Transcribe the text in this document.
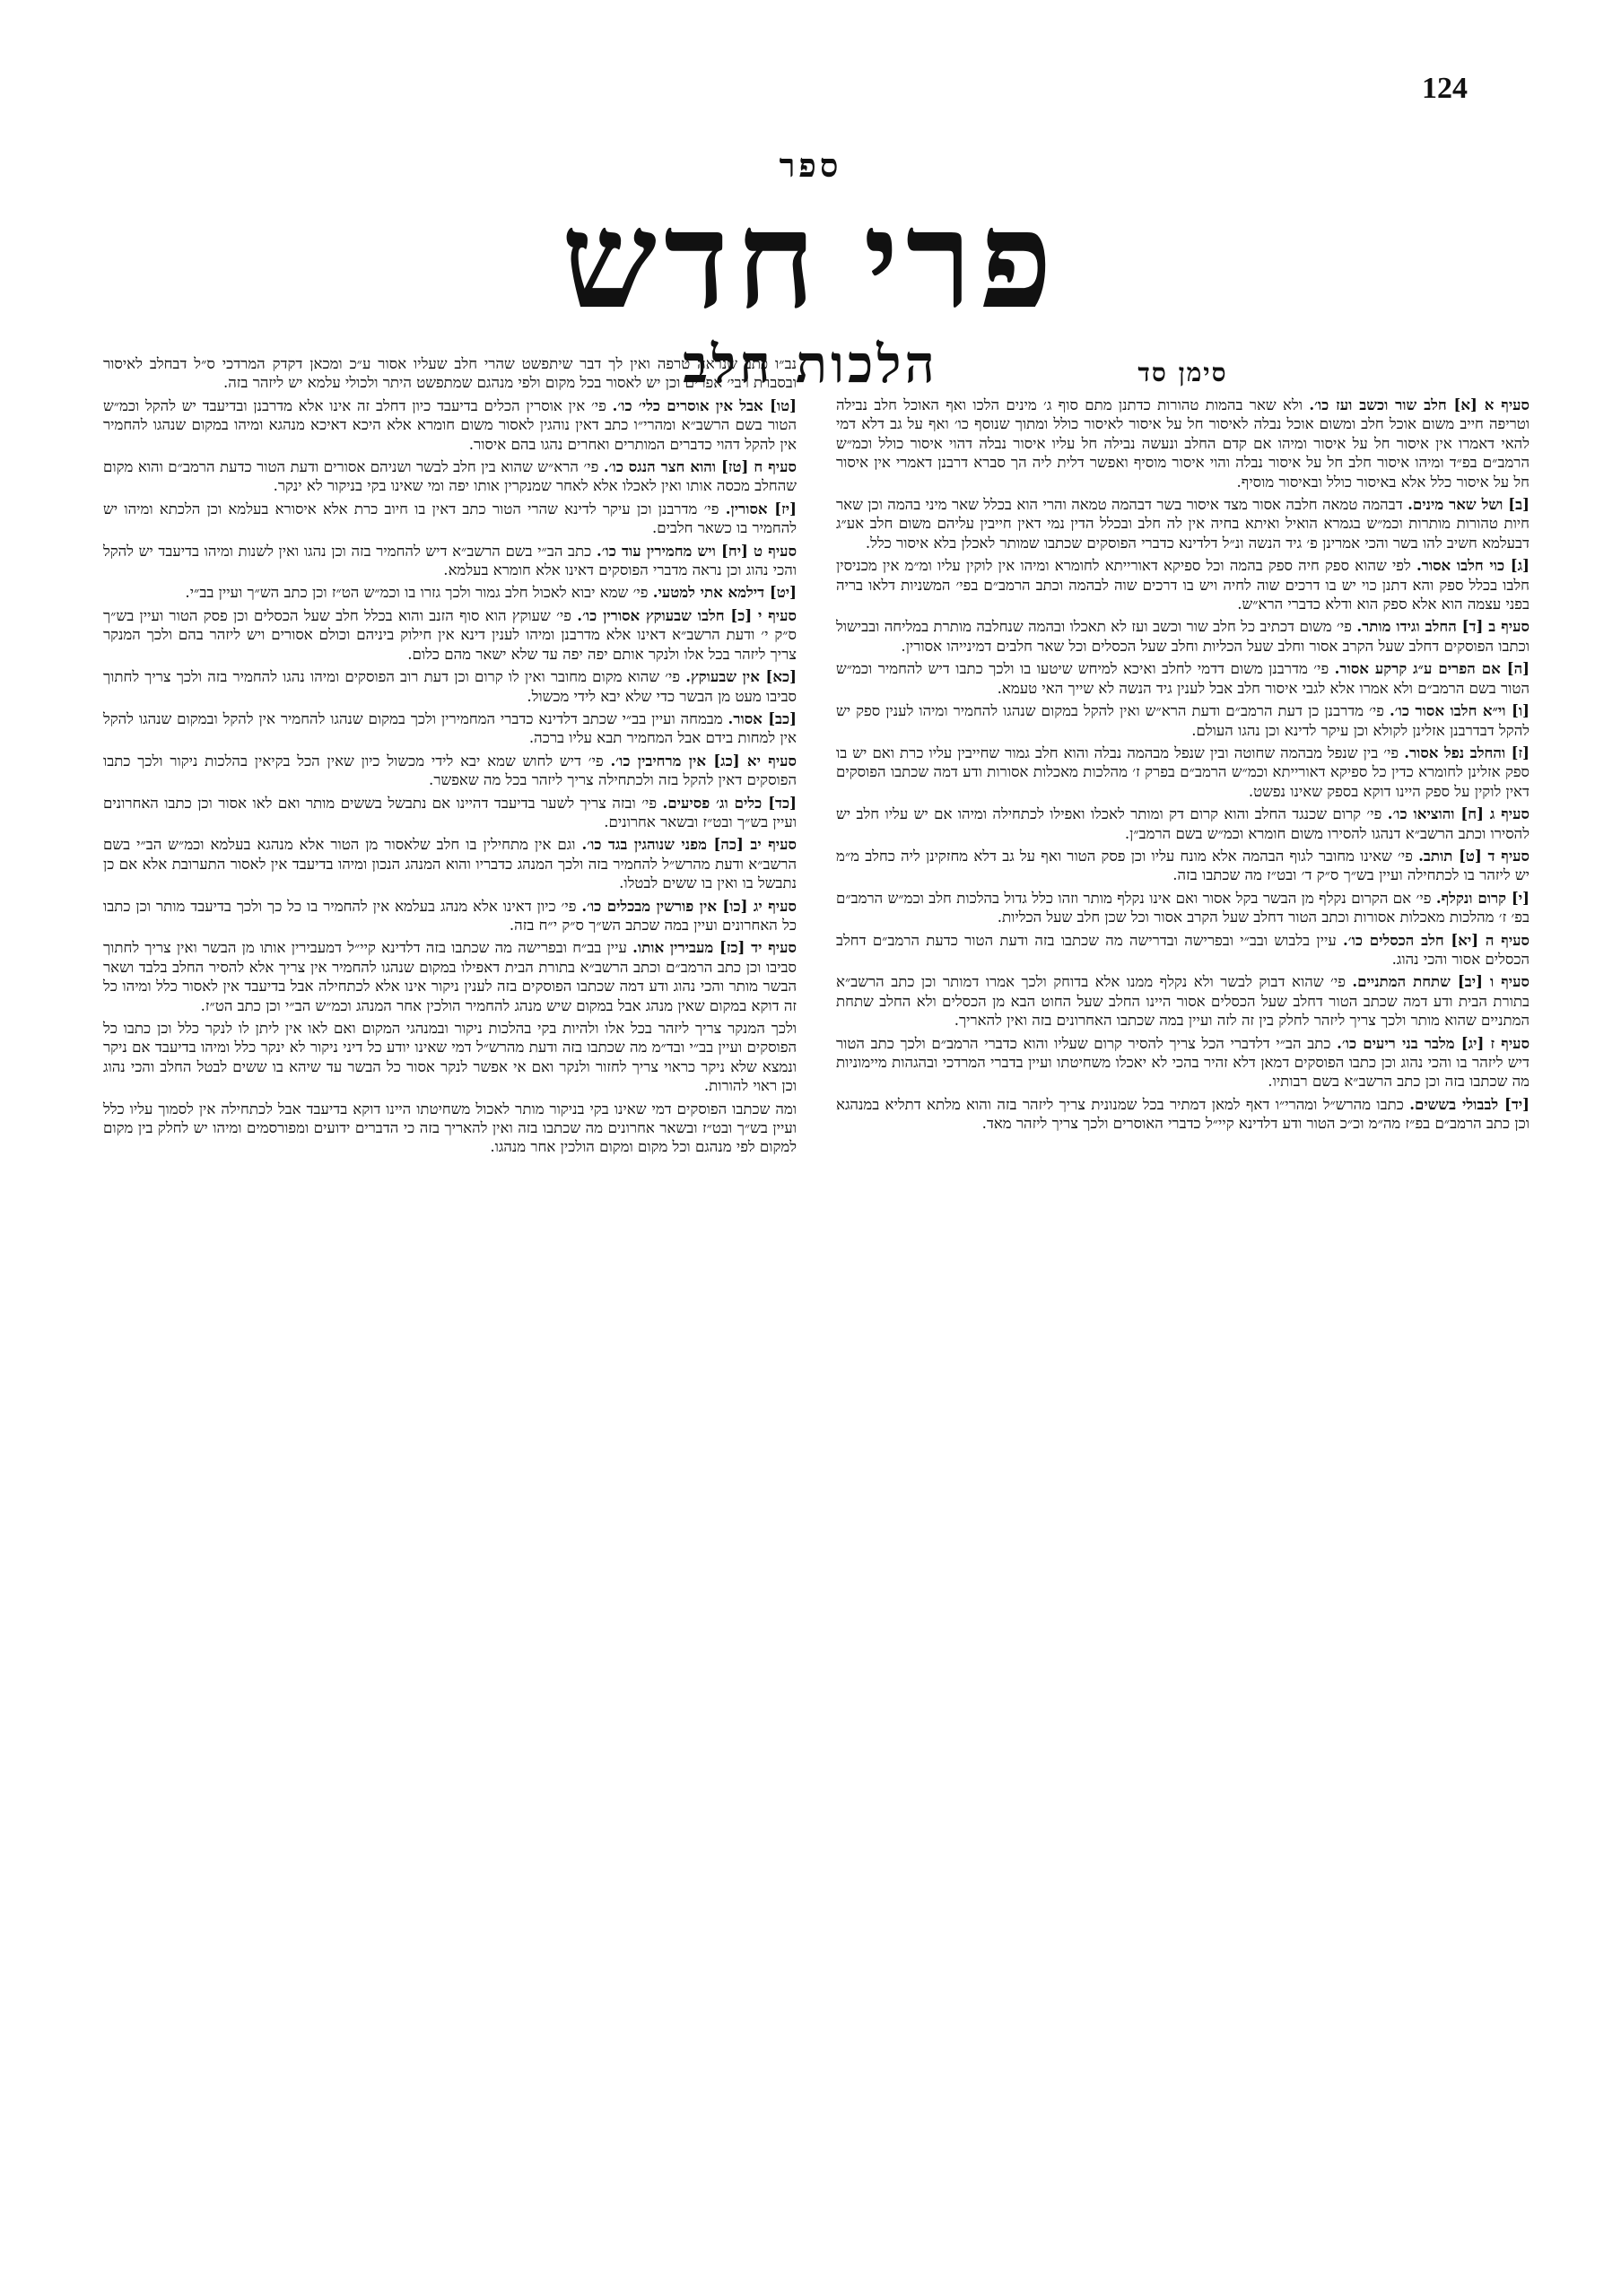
124
ספר
פרי חדש
הלכות חלב	סימן סד

סעיף א [א] חלב שור וכשב ועז כו׳. ולא שאר בהמות טהורות כדתנן מתם סוף ג׳ מינים הלכו ואף האוכל חלב נבילה וטריפה חייב משום אוכל חלב ומשום אוכל נבלה לאיסור חל על איסור לאיסור כולל ומתוך שנוסף כו׳ ואף על גב דלא דמי להאי דאמרו אין איסור חל על איסור ומיהו אם קדם החלב ונעשה נבילה חל עליו איסור נבלה דהוי איסור כולל וכמ״ש הרמב״ם בפ״ד ומיהו איסור חלב חל על איסור נבלה והוי איסור מוסיף ואפשר דלית ליה הך סברא דרבנן דאמרי אין איסור חל על איסור כלל אלא באיסור כולל ובאיסור מוסיף.

[ב] ושל שאר מינים. דבהמה טמאה חלבה אסור מצד איסור בשר דבהמה טמאה והרי הוא בכלל שאר מיני בהמה וכן שאר חיות טהורות מותרות וכמ״ש בגמרא הואיל ואיתא בחיה אין לה חלב ובכלל הדין נמי דאין חייבין עליהם משום חלב אע״ג דבעלמא חשיב להו בשר והכי אמרינן פ׳ גיד הנשה ונ״ל דלדינא כדברי הפוסקים שכתבו שמותר לאכלן בלא איסור כלל.

[ג] כוי חלבו אסור. לפי שהוא ספק חיה ספק בהמה וכל ספיקא דאורייתא לחומרא ומיהו אין לוקין עליו ומ״מ אין מכניסין חלבו בכלל ספק והא דתנן כוי יש בו דרכים שוה לחיה ויש בו דרכים שוה לבהמה וכתב הרמב״ם בפי׳ המשניות דלאו בריה בפני עצמה הוא אלא ספק הוא ודלא כדברי הרא״ש.

סעיף ב [ד] החלב וגידו מותר. פי׳ משום דכתיב כל חלב שור וכשב ועז לא תאכלו ובהמה שנחלבה מותרת במליחה ובבישול וכתבו הפוסקים דחלב שעל הקרב אסור וחלב שעל הכליות וחלב שעל הכסלים וכל שאר חלבים דמינייהו אסורין.

[ה] אם הפרים ע״ג קרקע אסור. פי׳ מדרבנן משום דדמי לחלב ואיכא למיחש שיטעו בו ולכך כתבו דיש להחמיר וכמ״ש הטור בשם הרמב״ם ולא אמרו אלא לגבי איסור חלב אבל לענין גיד הנשה לא שייך האי טעמא.

[ו] וי״א חלבו אסור כו׳. פי׳ מדרבנן כן דעת הרמב״ם ודעת הרא״ש ואין להקל במקום שנהגו להחמיר ומיהו לענין ספק יש להקל דבדרבנן אזלינן לקולא וכן עיקר לדינא וכן נהגו העולם.

[ז] והחלב נפל אסור. פי׳ בין שנפל מבהמה שחוטה ובין שנפל מבהמה נבלה והוא חלב גמור שחייבין עליו כרת ואם יש בו ספק אזלינן לחומרא כדין כל ספיקא דאורייתא וכמ״ש הרמב״ם בפרק ז׳ מהלכות מאכלות אסורות ודע דמה שכתבו הפוסקים דאין לוקין על ספק היינו דוקא בספק שאינו נפשט.

סעיף ג [ח] והוציאו כו׳. פי׳ קרום שכנגד החלב והוא קרום דק ומותר לאכלו ואפילו לכתחילה ומיהו אם יש עליו חלב יש להסירו וכתב הרשב״א דנהגו להסירו משום חומרא וכמ״ש בשם הרמב״ן.

סעיף ד [ט] תותב. פי׳ שאינו מחובר לגוף הבהמה אלא מונח עליו וכן פסק הטור ואף על גב דלא מחזקינן ליה כחלב מ״מ יש ליזהר בו לכתחילה ועיין בש״ך ס״ק ד׳ ובט״ז מה שכתבו בזה.

[י] קרום ונקלף. פי׳ אם הקרום נקלף מן הבשר בקל אסור ואם אינו נקלף מותר וזהו כלל גדול בהלכות חלב וכמ״ש הרמב״ם בפ׳ ז׳ מהלכות מאכלות אסורות וכתב הטור דחלב שעל הקרב אסור וכל שכן חלב שעל הכליות.

סעיף ה [יא] חלב הכסלים כו׳. עיין בלבוש ובב״י ובפרישה ובדרישה מה שכתבו בזה ודעת הטור כדעת הרמב״ם דחלב הכסלים אסור והכי נהוג.

סעיף ו [יב] שתחת המתניים. פי׳ שהוא דבוק לבשר ולא נקלף ממנו אלא בדוחק ולכך אמרו דמותר וכן כתב הרשב״א בתורת הבית ודע דמה שכתב הטור דחלב שעל הכסלים אסור היינו החלב שעל החוט הבא מן הכסלים ולא החלב שתחת המתניים שהוא מותר ולכך צריך ליזהר לחלק בין זה לזה ועיין במה שכתבו האחרונים בזה ואין להאריך.

סעיף ז [יג] מלבר בני ריעים כו׳. כתב הב״י דלדברי הכל צריך להסיר קרום שעליו והוא כדברי הרמב״ם ולכך כתב הטור דיש ליזהר בו והכי נהוג וכן כתבו הפוסקים דמאן דלא זהיר בהכי לא יאכלו משחיטתו ועיין בדברי המרדכי ובהגהות מיימוניות מה שכתבו בזה וכן כתב הרשב״א בשם רבותיו.

[יד] לבבולי בששים. כתבו מהרש״ל ומהרי״ו דאף למאן דמתיר בכל שמנונית צריך ליזהר בזה והוא מלתא דתליא במנהגא וכן כתב הרמב״ם בפ״ז מה״מ וכ״כ הטור ודע דלדינא קיי״ל כדברי האוסרים ולכך צריך ליזהר מאד.

נב״ו כתב שנראה טרפה ואין לך דבר שיתפשט שהרי חלב שעליו אסור ע״כ ומכאן דקדק המרדכי ס״ל דבחלב לאיסור ובסברת רבי׳ אפרים וכן יש לאסור בכל מקום ולפי מנהגם שמתפשט היתר ולכולי עלמא יש ליזהר בזה.

[טו] אבל אין אוסרים כלי׳ כו׳. פי׳ אין אוסרין הכלים בדיעבד כיון דחלב זה אינו אלא מדרבנן ובדיעבד יש להקל וכמ״ש הטור בשם הרשב״א ומהרי״ו כתב דאין נוהגין לאסור משום חומרא אלא היכא דאיכא מנהגא ומיהו במקום שנהגו להחמיר אין להקל דהוי כדברים המותרים ואחרים נהגו בהם איסור.

סעיף ח [טז] והוא חצר הנגס כו׳. פי׳ הרא״ש שהוא בין חלב לבשר ושניהם אסורים ודעת הטור כדעת הרמב״ם והוא מקום שהחלב מכסה אותו ואין לאכלו אלא לאחר שמנקרין אותו יפה ומי שאינו בקי בניקור לא ינקר.

[יז] אסורין. פי׳ מדרבנן וכן עיקר לדינא שהרי הטור כתב דאין בו חיוב כרת אלא איסורא בעלמא וכן הלכתא ומיהו יש להחמיר בו כשאר חלבים.

סעיף ט [יח] ויש מחמירין עוד כו׳. כתב הב״י בשם הרשב״א דיש להחמיר בזה וכן נהגו ואין לשנות ומיהו בדיעבד יש להקל והכי נהוג וכן נראה מדברי הפוסקים דאינו אלא חומרא בעלמא.

[יט] דילמא אתי למטעי. פי׳ שמא יבוא לאכול חלב גמור ולכך גזרו בו וכמ״ש הט״ז וכן כתב הש״ך ועיין בב״י.

סעיף י [כ] חלבו שבעוקץ אסורין כו׳. פי׳ שעוקץ הוא סוף הזנב והוא בכלל חלב שעל הכסלים וכן פסק הטור ועיין בש״ך ס״ק י׳ ודעת הרשב״א דאינו אלא מדרבנן ומיהו לענין דינא אין חילוק ביניהם וכולם אסורים ויש ליזהר בהם ולכך המנקר צריך ליזהר בכל אלו ולנקר אותם יפה יפה עד שלא ישאר מהם כלום.

[כא] אין שבעוקץ. פי׳ שהוא מקום מחובר ואין לו קרום וכן דעת רוב הפוסקים ומיהו נהגו להחמיר בזה ולכך צריך לחתוך סביבו מעט מן הבשר כדי שלא יבא לידי מכשול.

[כב] אסור. מבמחה ועיין בב״י שכתב דלדינא כדברי המחמירין ולכך במקום שנהגו להחמיר אין להקל ובמקום שנהגו להקל אין למחות בידם אבל המחמיר תבא עליו ברכה.

סעיף יא [כג] אין מרחיבין כו׳. פי׳ דיש לחוש שמא יבא לידי מכשול כיון שאין הכל בקיאין בהלכות ניקור ולכך כתבו הפוסקים דאין להקל בזה ולכתחילה צריך ליזהר בכל מה שאפשר.

[כד] כלים וג׳ פסיעים. פי׳ ובזה צריך לשער בדיעבד דהיינו אם נתבשל בששים מותר ואם לאו אסור וכן כתבו האחרונים ועיין בש״ך ובט״ז ובשאר אחרונים.

סעיף יב [כה] מפני שנוהגין בגד כו׳. וגם אין מתחילין בו חלב שלאסור מן הטור אלא מנהגא בעלמא וכמ״ש הב״י בשם הרשב״א ודעת מהרש״ל להחמיר בזה ולכך המנהג כדבריו והוא המנהג הנכון ומיהו בדיעבד אין לאסור התערובת אלא אם כן נתבשל בו ואין בו ששים לבטלו.

סעיף יג [כו] אין פורשין מבכלים כו׳. פי׳ כיון דאינו אלא מנהג בעלמא אין להחמיר בו כל כך ולכך בדיעבד מותר וכן כתבו כל האחרונים ועיין במה שכתב הש״ך ס״ק י״ח בזה.

סעיף יד [כז] מעבירין אותו. עיין בב״ח ובפרישה מה שכתבו בזה דלדינא קיי״ל דמעבירין אותו מן הבשר ואין צריך לחתוך סביבו וכן כתב הרמב״ם וכתב הרשב״א בתורת הבית דאפילו במקום שנהגו להחמיר אין צריך אלא להסיר החלב בלבד ושאר הבשר מותר והכי נהוג ודע דמה שכתבו הפוסקים בזה לענין ניקור אינו אלא לכתחילה אבל בדיעבד אין לאסור כלל ומיהו כל זה דוקא במקום שאין מנהג אבל במקום שיש מנהג להחמיר הולכין אחר המנהג וכמ״ש הב״י וכן כתב הט״ז.

ולכך המנקר צריך ליזהר בכל אלו ולהיות בקי בהלכות ניקור ובמנהגי המקום ואם לאו אין ליתן לו לנקר כלל וכן כתבו כל הפוסקים ועיין בב״י ובד״מ מה שכתבו בזה ודעת מהרש״ל דמי שאינו יודע כל דיני ניקור לא ינקר כלל ומיהו בדיעבד אם ניקר ונמצא שלא ניקר כראוי צריך לחזור ולנקר ואם אי אפשר לנקר אסור כל הבשר עד שיהא בו ששים לבטל החלב והכי נהוג וכן ראוי להורות.

ומה שכתבו הפוסקים דמי שאינו בקי בניקור מותר לאכול משחיטתו היינו דוקא בדיעבד אבל לכתחילה אין לסמוך עליו כלל ועיין בש״ך ובט״ז ובשאר אחרונים מה שכתבו בזה ואין להאריך בזה כי הדברים ידועים ומפורסמים ומיהו יש לחלק בין מקום למקום לפי מנהגם וכל מקום ומקום הולכין אחר מנהגו.
